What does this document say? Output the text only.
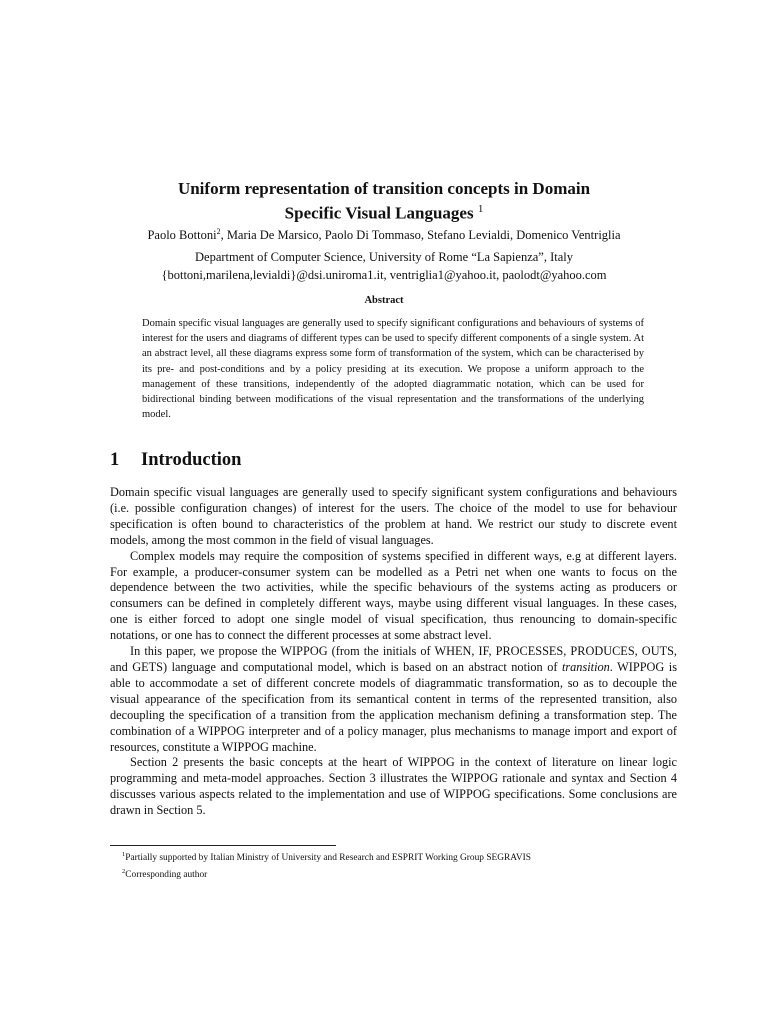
Uniform representation of transition concepts in Domain
Specific Visual Languages $^1$
Paolo Bottoni$^2$, Maria De Marsico, Paolo Di Tommaso, Stefano Levialdi, Domenico Ventriglia
Department of Computer Science, University of Rome “La Sapienza”, Italy
{bottoni,marilena,levialdi}@dsi.uniroma1.it, ventriglia1@yahoo.it, paolodt@yahoo.com
Abstract
Domain specific visual languages are generally used to specify significant configurations and behaviours of systems of interest for the users and diagrams of different types can be used to specify different components of a single system. At an abstract level, all these diagrams express some form of transformation of the system, which can be characterised by its pre- and post-conditions and by a policy presiding at its execution. We propose a uniform approach to the management of these transitions, independently of the adopted diagrammatic notation, which can be used for bidirectional binding between modifications of the visual representation and the transformations of the underlying model.
1 Introduction

Domain specific visual languages are generally used to specify significant system configurations and behaviours (i.e. possible configuration changes) of interest for the users. The choice of the model to use for behaviour specification is often bound to characteristics of the problem at hand. We restrict our study to discrete event models, among the most common in the field of visual languages.

Complex models may require the composition of systems specified in different ways, e.g at different layers. For example, a producer-consumer system can be modelled as a Petri net when one wants to focus on the dependence between the two activities, while the specific behaviours of the systems acting as producers or consumers can be defined in completely different ways, maybe using different visual languages. In these cases, one is either forced to adopt one single model of visual specification, thus renouncing to domain-specific notations, or one has to connect the different processes at some abstract level.

In this paper, we propose the WIPPOG (from the initials of WHEN, IF, PROCESSES, PRODUCES, OUTS, and GETS) language and computational model, which is based on an abstract notion of transition. WIPPOG is able to accommodate a set of different concrete models of diagrammatic transformation, so as to decouple the visual appearance of the specification from its semantical content in terms of the represented transition, also decoupling the specification of a transition from the application mechanism defining a transformation step. The combination of a WIPPOG interpreter and of a policy manager, plus mechanisms to manage import and export of resources, constitute a WIPPOG machine.

Section 2 presents the basic concepts at the heart of WIPPOG in the context of literature on linear logic programming and meta-model approaches. Section 3 illustrates the WIPPOG rationale and syntax and Section 4 discusses various aspects related to the implementation and use of WIPPOG specifications. Some conclusions are drawn in Section 5.

$^1$Partially supported by Italian Ministry of University and Research and ESPRIT Working Group SEGRAVIS
$^2$Corresponding author
